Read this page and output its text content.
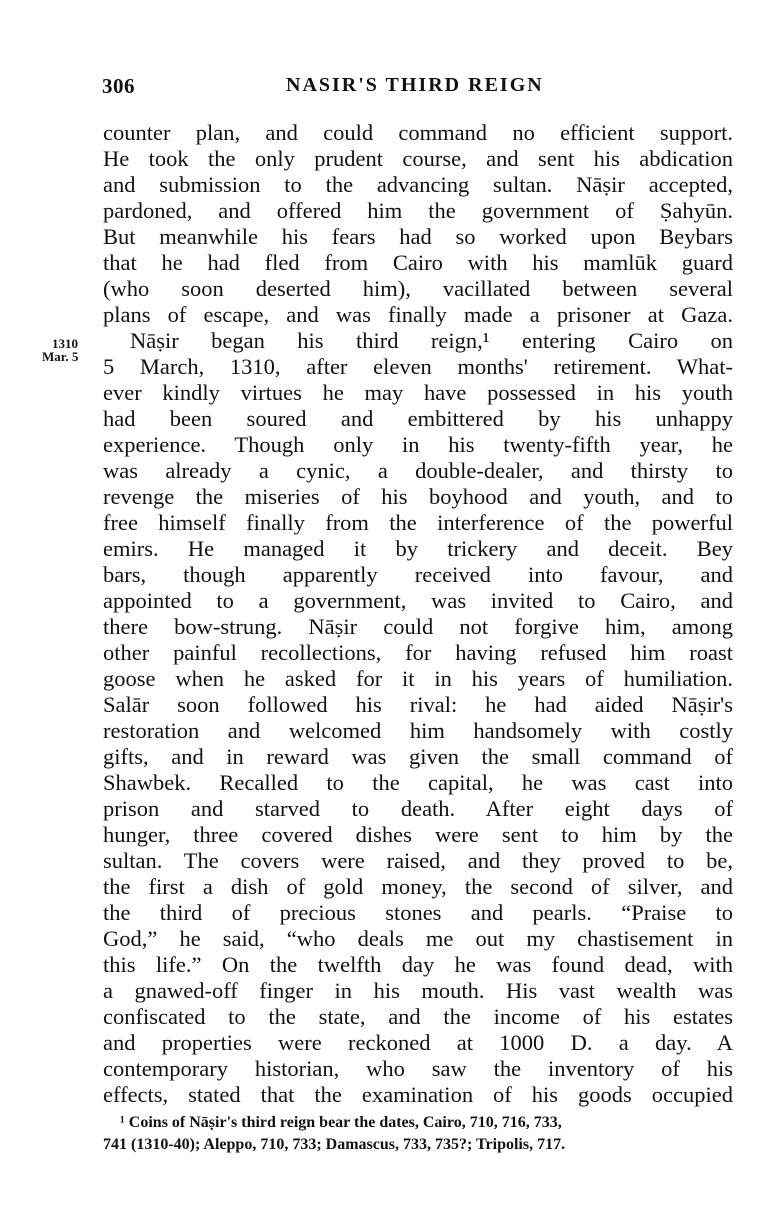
306	NASIR'S THIRD REIGN
1310
Mar. 5
counter plan, and could command no efficient support.
He took the only prudent course, and sent his abdication
and submission to the advancing sultan. Nāṣir accepted,
pardoned, and offered him the government of Ṣahyūn.
But meanwhile his fears had so worked upon Beybars
that he had fled from Cairo with his mamlūk guard
(who soon deserted him), vacillated between several
plans of escape, and was finally made a prisoner at Gaza.
Nāṣir began his third reign,¹ entering Cairo on
5 March, 1310, after eleven months' retirement. What-
ever kindly virtues he may have possessed in his youth
had been soured and embittered by his unhappy
experience. Though only in his twenty-fifth year, he
was already a cynic, a double-dealer, and thirsty to
revenge the miseries of his boyhood and youth, and to
free himself finally from the interference of the powerful
emirs. He managed it by trickery and deceit. Bey
bars, though apparently received into favour, and
appointed to a government, was invited to Cairo, and
there bow-strung. Nāṣir could not forgive him, among
other painful recollections, for having refused him roast
goose when he asked for it in his years of humiliation.
Salār soon followed his rival: he had aided Nāṣir's
restoration and welcomed him handsomely with costly
gifts, and in reward was given the small command of
Shawbek. Recalled to the capital, he was cast into
prison and starved to death. After eight days of
hunger, three covered dishes were sent to him by the
sultan. The covers were raised, and they proved to be,
the first a dish of gold money, the second of silver, and
the third of precious stones and pearls. “Praise to
God,” he said, “who deals me out my chastisement in
this life.” On the twelfth day he was found dead, with
a gnawed-off finger in his mouth. His vast wealth was
confiscated to the state, and the income of his estates
and properties were reckoned at 1000 D. a day. A
contemporary historian, who saw the inventory of his
effects, stated that the examination of his goods occupied
¹ Coins of Nāṣir's third reign bear the dates, Cairo, 710, 716, 733,
741 (1310-40); Aleppo, 710, 733; Damascus, 733, 735?; Tripolis, 717.
